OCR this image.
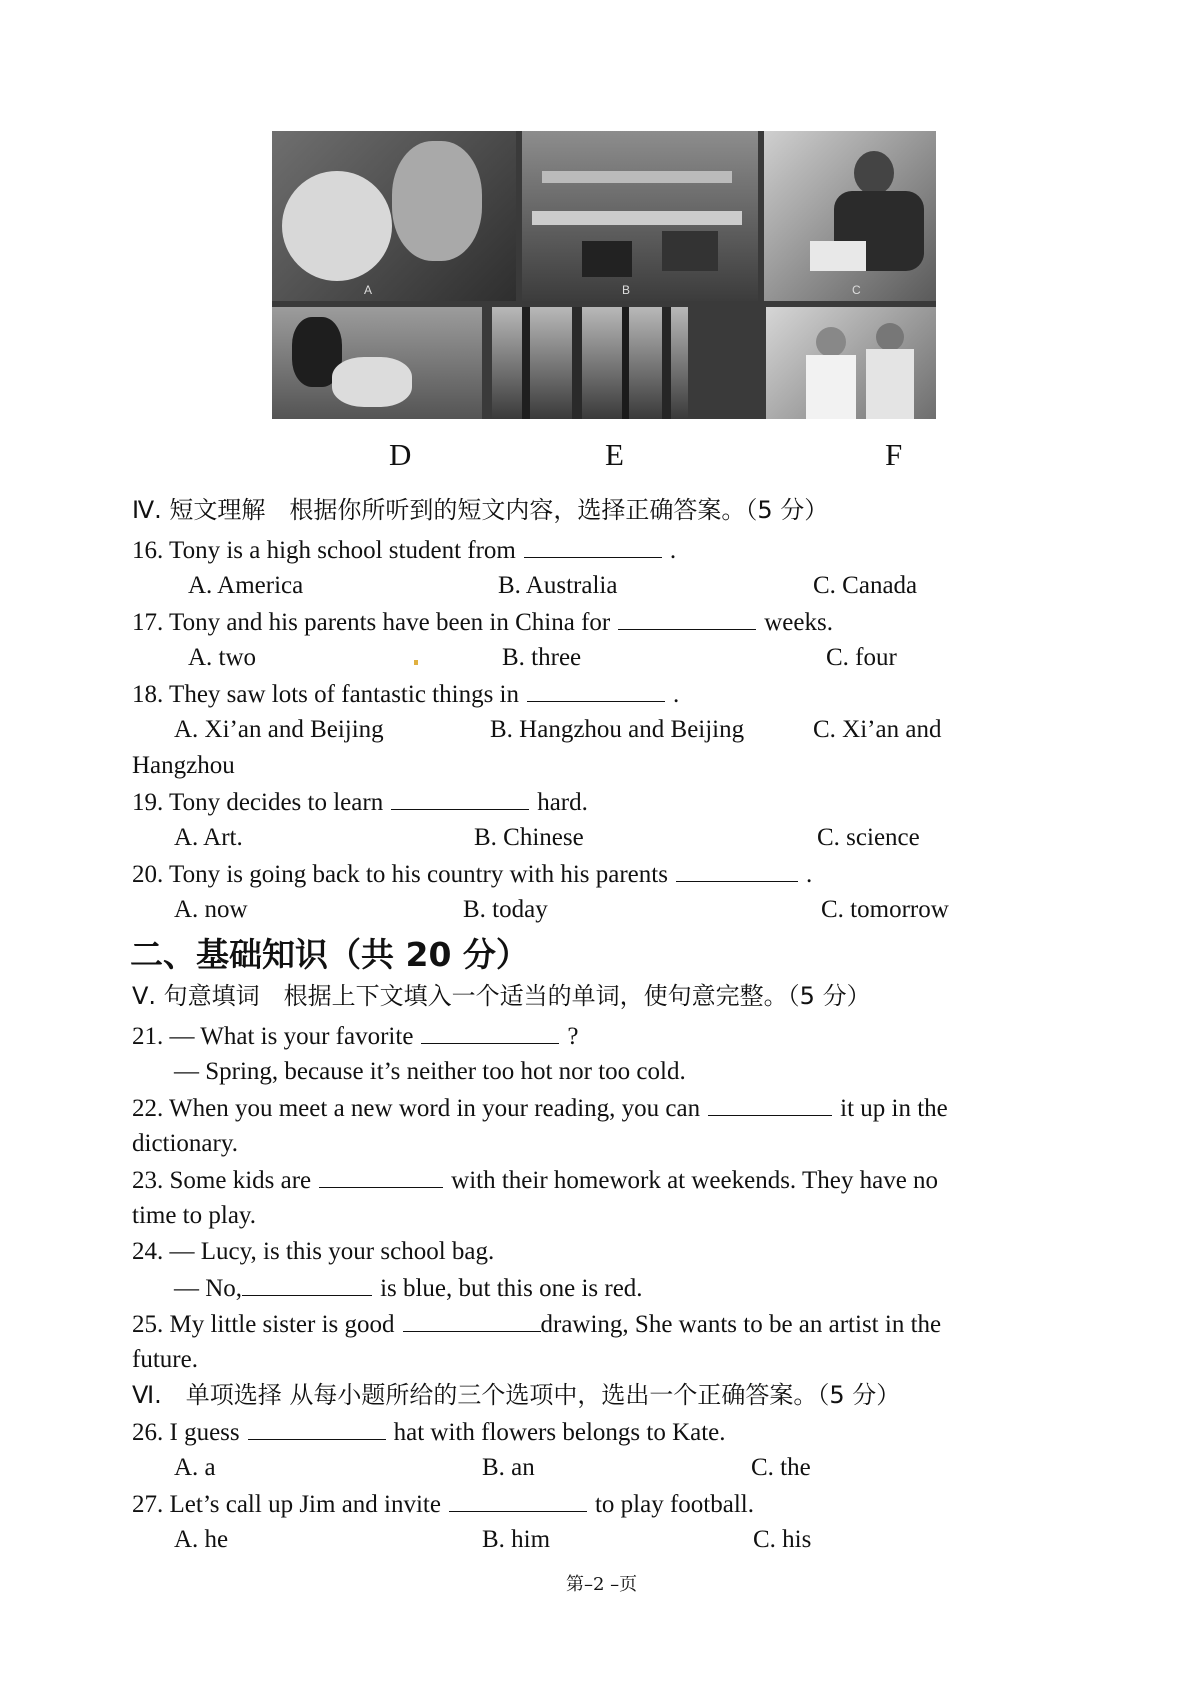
A	B	C
D	E	F
Ⅳ. 短文理解　根据你所听到的短文内容，选择正确答案。（5 分）
16. Tony is a high school student from	.
A. America	B. Australia	C. Canada
17. Tony and his parents have been in China for	weeks.
A. two	B. three	C. four
18. They saw lots of fantastic things in	.
A. Xi’an and Beijing	B. Hangzhou and Beijing	C. Xi’an and
Hangzhou
19. Tony decides to learn	hard.
A. Art.	B. Chinese	C. science
20. Tony is going back to his country with his parents	.
A. now	B. today	C. tomorrow
二、基础知识（共 20 分）
Ⅴ. 句意填词　根据上下文填入一个适当的单词，使句意完整。（5 分）
21. — What is your favorite	?
— Spring, because it’s neither too hot nor too cold.
22. When you meet a new word in your reading, you can	it up in the
dictionary.
23. Some kids are	with their homework at weekends. They have no
time to play.
24. — Lucy, is this your school bag.
— No,	is blue, but this one is red.
25. My little sister is good	drawing, She wants to be an artist in the
future.
Ⅵ.　单项选择 从每小题所给的三个选项中，选出一个正确答案。（5 分）
26. I guess	hat with flowers belongs to Kate.
A. a	B. an	C. the
27. Let’s call up Jim and invite	to play football.
A. he	B. him	C. his
第–2 –页
